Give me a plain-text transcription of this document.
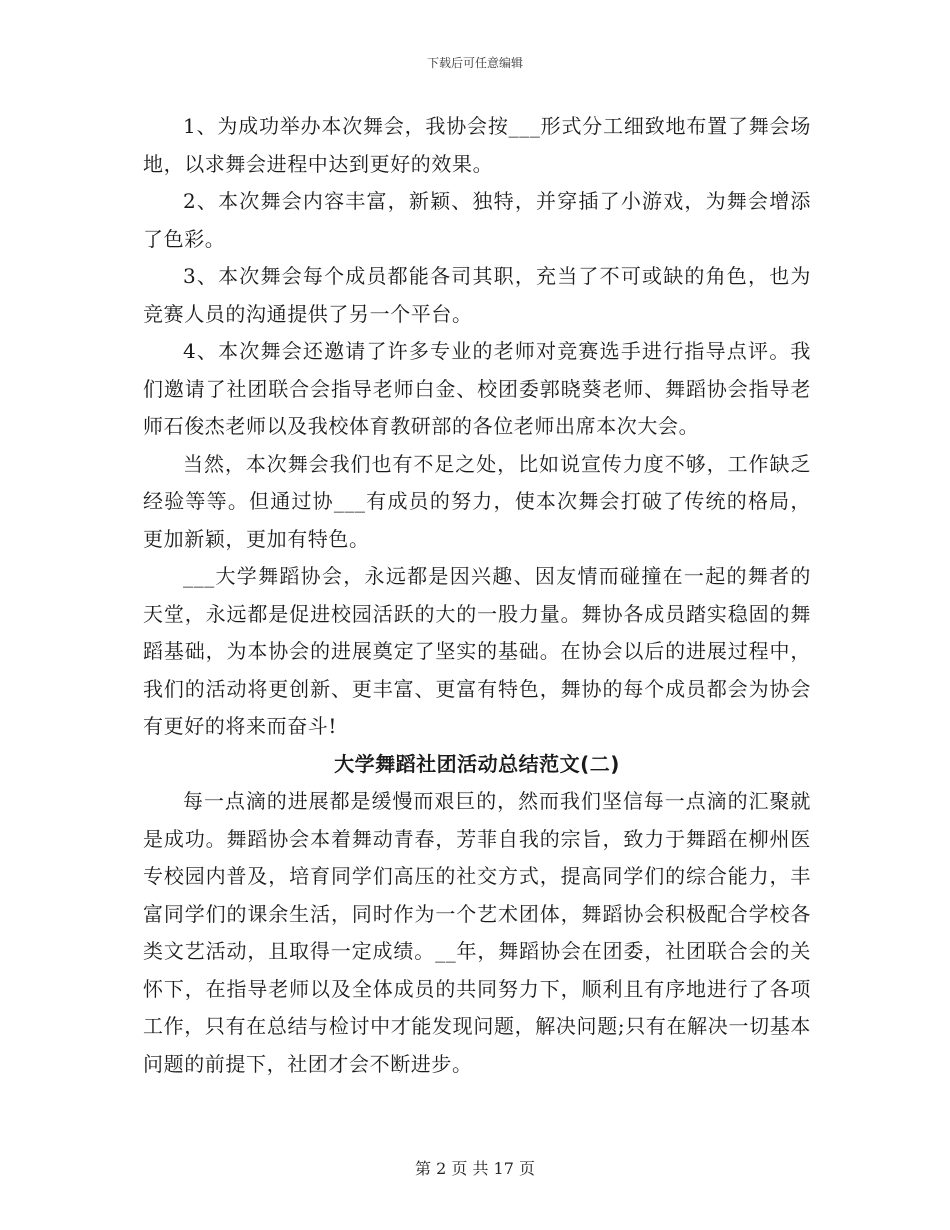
下载后可任意编辑

1、为成功举办本次舞会，我协会按___形式分工细致地布置了舞会场地，以求舞会进程中达到更好的效果。

2、本次舞会内容丰富，新颖、独特，并穿插了小游戏，为舞会增添了色彩。

3、本次舞会每个成员都能各司其职，充当了不可或缺的角色，也为竞赛人员的沟通提供了另一个平台。

4、本次舞会还邀请了许多专业的老师对竞赛选手进行指导点评。我们邀请了社团联合会指导老师白金、校团委郭晓葵老师、舞蹈协会指导老师石俊杰老师以及我校体育教研部的各位老师出席本次大会。

当然，本次舞会我们也有不足之处，比如说宣传力度不够，工作缺乏经验等等。但通过协___有成员的努力，使本次舞会打破了传统的格局，更加新颖，更加有特色。

___大学舞蹈协会，永远都是因兴趣、因友情而碰撞在一起的舞者的天堂，永远都是促进校园活跃的大的一股力量。舞协各成员踏实稳固的舞蹈基础，为本协会的进展奠定了坚实的基础。在协会以后的进展过程中，我们的活动将更创新、更丰富、更富有特色，舞协的每个成员都会为协会有更好的将来而奋斗!

大学舞蹈社团活动总结范文(二)

每一点滴的进展都是缓慢而艰巨的，然而我们坚信每一点滴的汇聚就是成功。舞蹈协会本着舞动青春，芳菲自我的宗旨，致力于舞蹈在柳州医专校园内普及，培育同学们高压的社交方式，提高同学们的综合能力，丰富同学们的课余生活，同时作为一个艺术团体，舞蹈协会积极配合学校各类文艺活动，且取得一定成绩。__年，舞蹈协会在团委，社团联合会的关怀下，在指导老师以及全体成员的共同努力下，顺利且有序地进行了各项工作，只有在总结与检讨中才能发现问题，解决问题;只有在解决一切基本问题的前提下，社团才会不断进步。

第 2 页 共 17 页
